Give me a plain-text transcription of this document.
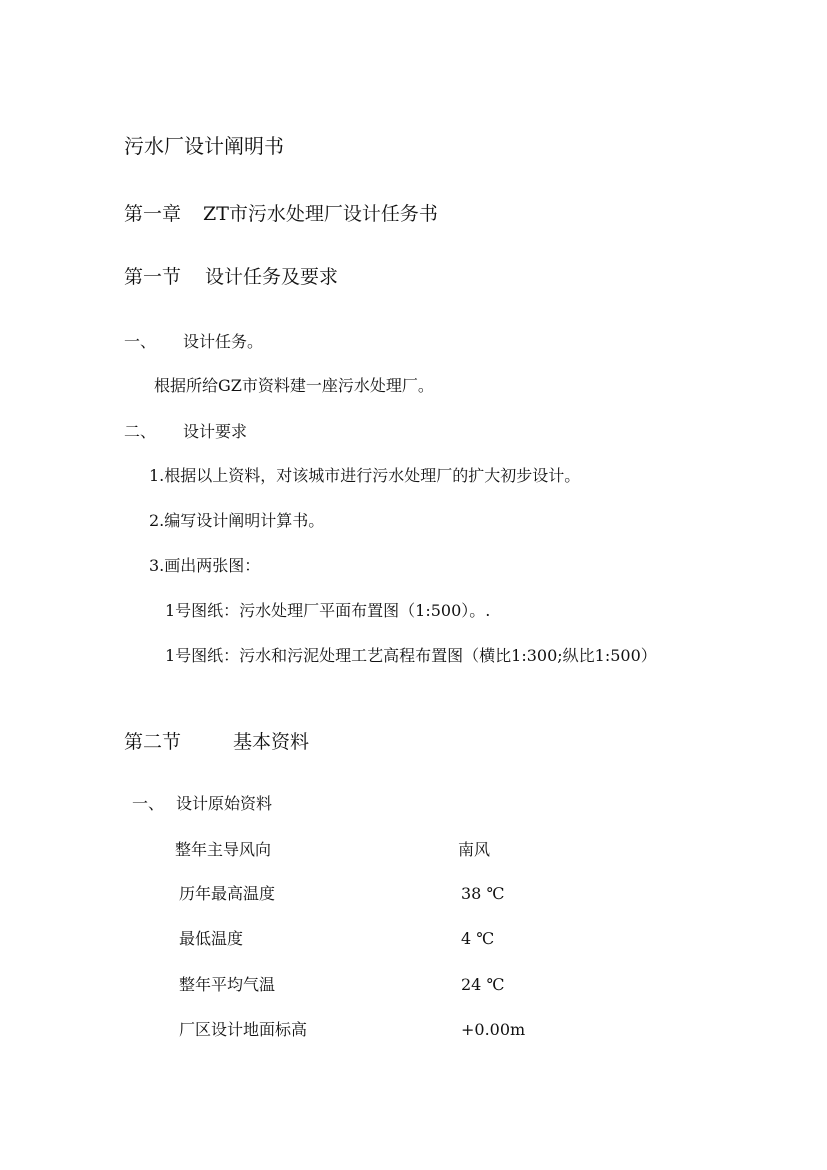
污水厂设计阐明书
第一章 ZT市污水处理厂设计任务书
第一节 设计任务及要求
一、 设计任务。
根据所给GZ市资料建一座污水处理厂。
二、 设计要求
1.根据以上资料，对该城市进行污水处理厂的扩大初步设计。
2.编写设计阐明计算书。
3.画出两张图：
1号图纸：污水处理厂平面布置图（1:500）。.
1号图纸：污水和污泥处理工艺高程布置图（横比1:300;纵比1:500）
第二节	基本资料
一、 设计原始资料
整年主导风向	南风
历年最高温度	38 ℃
最低温度	4 ℃
整年平均气温	24 ℃
厂区设计地面标高	+0.00m
